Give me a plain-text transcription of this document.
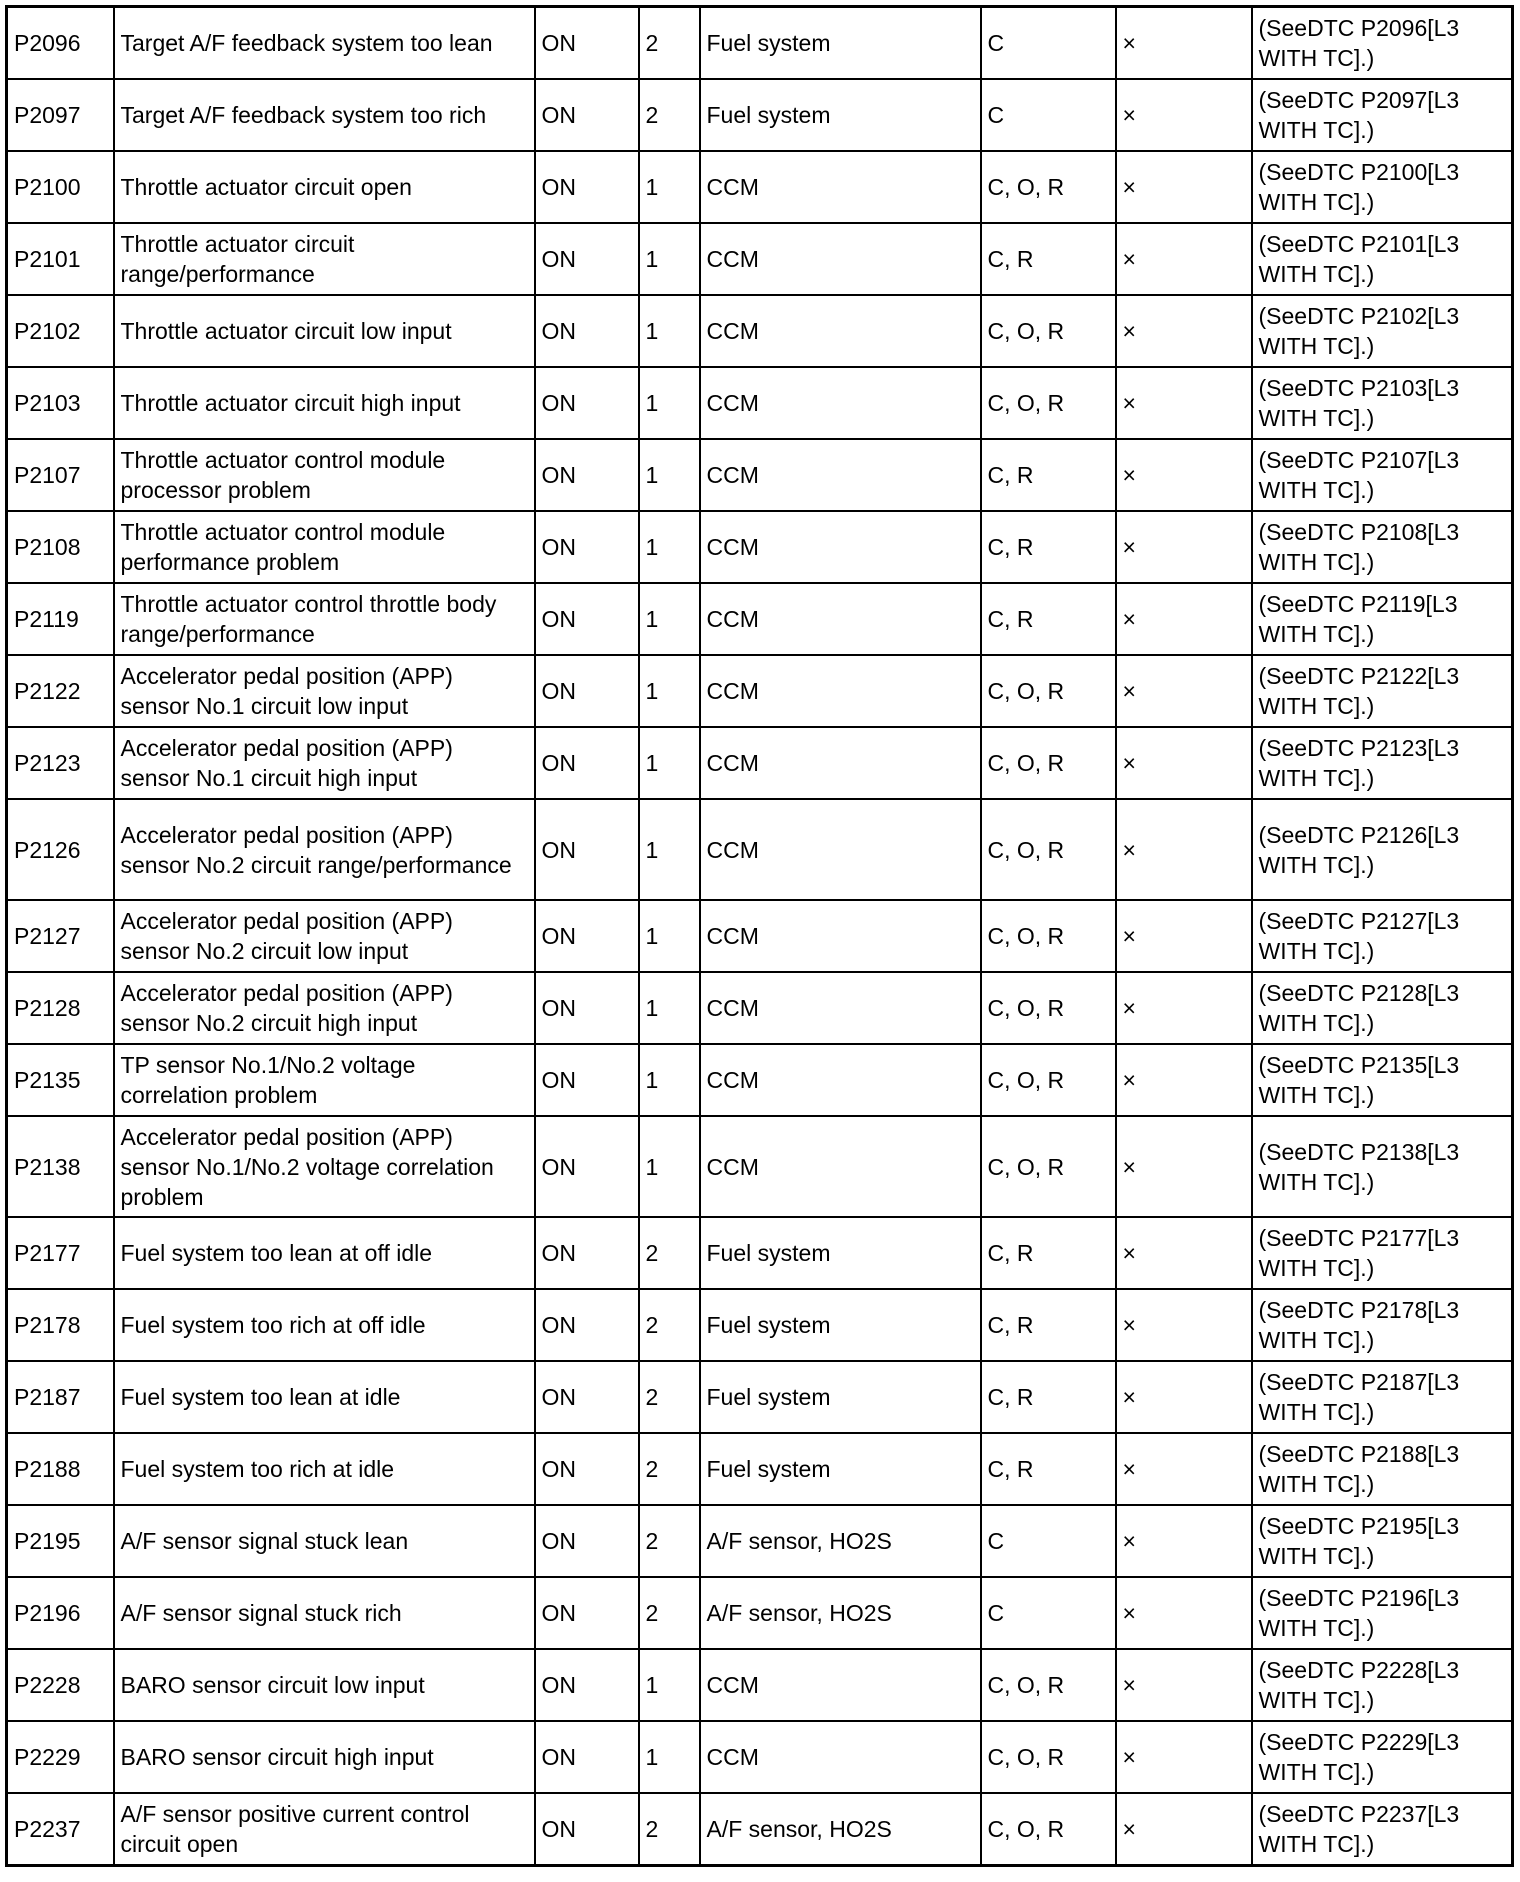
P2096	Target A/F feedback system too lean	ON	2	Fuel system	C	×	(SeeDTC P2096[L3 WITH TC].)
P2097	Target A/F feedback system too rich	ON	2	Fuel system	C	×	(SeeDTC P2097[L3 WITH TC].)
P2100	Throttle actuator circuit open	ON	1	CCM	C, O, R	×	(SeeDTC P2100[L3 WITH TC].)
P2101	Throttle actuator circuit range/performance	ON	1	CCM	C, R	×	(SeeDTC P2101[L3 WITH TC].)
P2102	Throttle actuator circuit low input	ON	1	CCM	C, O, R	×	(SeeDTC P2102[L3 WITH TC].)
P2103	Throttle actuator circuit high input	ON	1	CCM	C, O, R	×	(SeeDTC P2103[L3 WITH TC].)
P2107	Throttle actuator control module processor problem	ON	1	CCM	C, R	×	(SeeDTC P2107[L3 WITH TC].)
P2108	Throttle actuator control module performance problem	ON	1	CCM	C, R	×	(SeeDTC P2108[L3 WITH TC].)
P2119	Throttle actuator control throttle body range/performance	ON	1	CCM	C, R	×	(SeeDTC P2119[L3 WITH TC].)
P2122	Accelerator pedal position (APP) sensor No.1 circuit low input	ON	1	CCM	C, O, R	×	(SeeDTC P2122[L3 WITH TC].)
P2123	Accelerator pedal position (APP) sensor No.1 circuit high input	ON	1	CCM	C, O, R	×	(SeeDTC P2123[L3 WITH TC].)
P2126	Accelerator pedal position (APP) sensor No.2 circuit range/performance	ON	1	CCM	C, O, R	×	(SeeDTC P2126[L3 WITH TC].)
P2127	Accelerator pedal position (APP) sensor No.2 circuit low input	ON	1	CCM	C, O, R	×	(SeeDTC P2127[L3 WITH TC].)
P2128	Accelerator pedal position (APP) sensor No.2 circuit high input	ON	1	CCM	C, O, R	×	(SeeDTC P2128[L3 WITH TC].)
P2135	TP sensor No.1/No.2 voltage correlation problem	ON	1	CCM	C, O, R	×	(SeeDTC P2135[L3 WITH TC].)
P2138	Accelerator pedal position (APP) sensor No.1/No.2 voltage correlation problem	ON	1	CCM	C, O, R	×	(SeeDTC P2138[L3 WITH TC].)
P2177	Fuel system too lean at off idle	ON	2	Fuel system	C, R	×	(SeeDTC P2177[L3 WITH TC].)
P2178	Fuel system too rich at off idle	ON	2	Fuel system	C, R	×	(SeeDTC P2178[L3 WITH TC].)
P2187	Fuel system too lean at idle	ON	2	Fuel system	C, R	×	(SeeDTC P2187[L3 WITH TC].)
P2188	Fuel system too rich at idle	ON	2	Fuel system	C, R	×	(SeeDTC P2188[L3 WITH TC].)
P2195	A/F sensor signal stuck lean	ON	2	A/F sensor, HO2S	C	×	(SeeDTC P2195[L3 WITH TC].)
P2196	A/F sensor signal stuck rich	ON	2	A/F sensor, HO2S	C	×	(SeeDTC P2196[L3 WITH TC].)
P2228	BARO sensor circuit low input	ON	1	CCM	C, O, R	×	(SeeDTC P2228[L3 WITH TC].)
P2229	BARO sensor circuit high input	ON	1	CCM	C, O, R	×	(SeeDTC P2229[L3 WITH TC].)
P2237	A/F sensor positive current control circuit open	ON	2	A/F sensor, HO2S	C, O, R	×	(SeeDTC P2237[L3 WITH TC].)
